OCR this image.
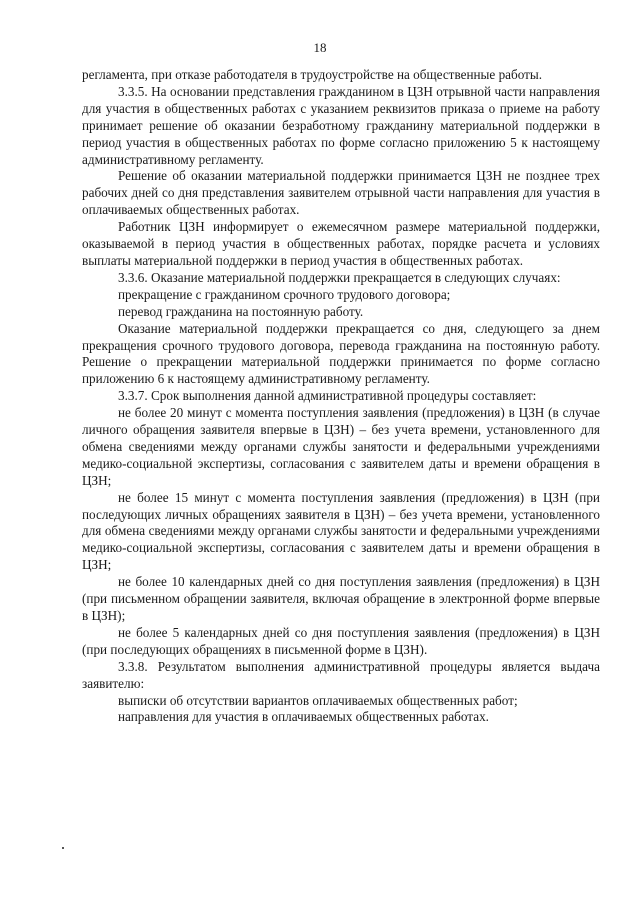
18

регламента, при отказе работодателя в трудоустройстве на общественные работы.

3.3.5. На основании представления гражданином в ЦЗН отрывной части направления для участия в общественных работах с указанием реквизитов приказа о приеме на работу принимает решение об оказании безработному гражданину материальной поддержки в период участия в общественных работах по форме согласно приложению 5 к настоящему административному регламенту.

Решение об оказании материальной поддержки принимается ЦЗН не позднее трех рабочих дней со дня представления заявителем отрывной части направления для участия в оплачиваемых общественных работах.

Работник ЦЗН информирует о ежемесячном размере материальной поддержки, оказываемой в период участия в общественных работах, порядке расчета и условиях выплаты материальной поддержки в период участия в общественных работах.

3.3.6. Оказание материальной поддержки прекращается в следующих случаях:

прекращение с гражданином срочного трудового договора;

перевод гражданина на постоянную работу.

Оказание материальной поддержки прекращается со дня, следующего за днем прекращения срочного трудового договора, перевода гражданина на постоянную работу. Решение о прекращении материальной поддержки принимается по форме согласно приложению 6 к настоящему административному регламенту.

3.3.7. Срок выполнения данной административной процедуры составляет:

не более 20 минут с момента поступления заявления (предложения) в ЦЗН (в случае личного обращения заявителя впервые в ЦЗН) – без учета времени, установленного для обмена сведениями между органами службы занятости и федеральными учреждениями медико-социальной экспертизы, согласования с заявителем даты и времени обращения в ЦЗН;

не более 15 минут с момента поступления заявления (предложения) в ЦЗН (при последующих личных обращениях заявителя в ЦЗН) – без учета времени, установленного для обмена сведениями между органами службы занятости и федеральными учреждениями медико-социальной экспертизы, согласования с заявителем даты и времени обращения в ЦЗН;

не более 10 календарных дней со дня поступления заявления (предложения) в ЦЗН (при письменном обращении заявителя, включая обращение в электронной форме впервые в ЦЗН);

не более 5 календарных дней со дня поступления заявления (предложения) в ЦЗН (при последующих обращениях в письменной форме в ЦЗН).

3.3.8. Результатом выполнения административной процедуры является выдача заявителю:

выписки об отсутствии вариантов оплачиваемых общественных работ;

направления для участия в оплачиваемых общественных работах.
